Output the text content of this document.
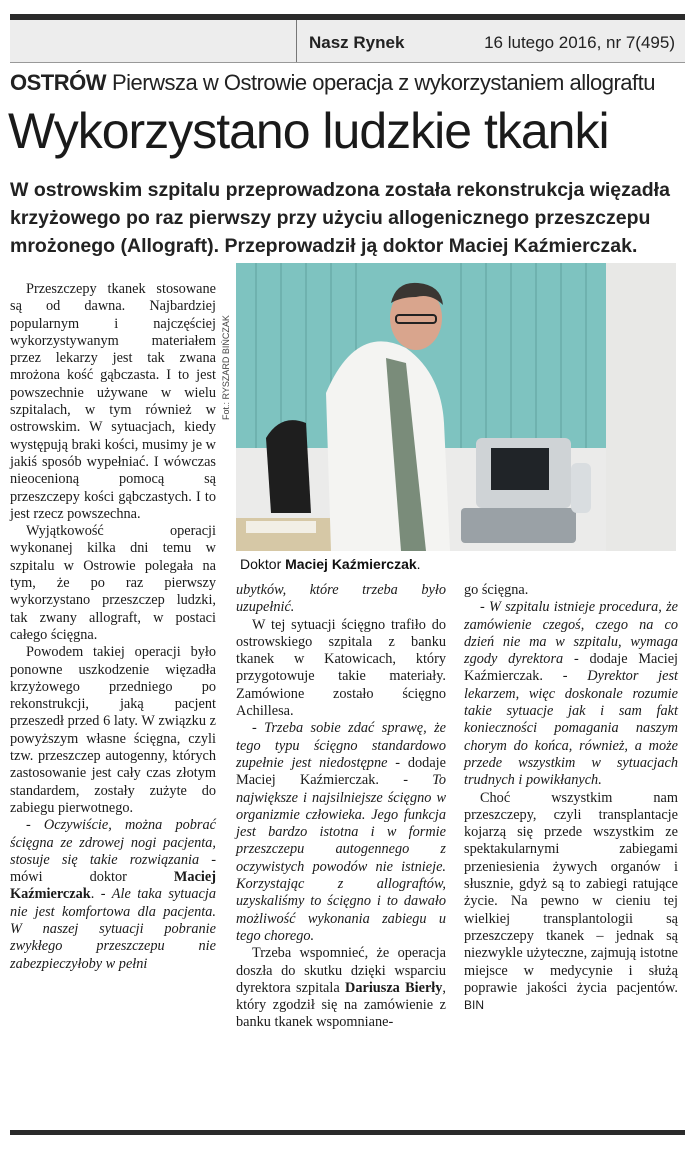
Nasz Rynek	16 lutego 2016, nr 7(495)
OSTRÓW Pierwsza w Ostrowie operacja z wykorzystaniem allograftu
Wykorzystano ludzkie tkanki
W ostrowskim szpitalu przeprowadzona została rekonstrukcja więzadła krzyżowego po raz pierwszy przy użyciu allogenicznego przeszczepu mrożonego (Allograft). Przeprowadził ją doktor Maciej Kaźmierczak.
Fot.: RYSZARD BIŃCZAK
Doktor Maciej Kaźmierczak.

Przeszczepy tkanek stosowane są od dawna. Najbardziej popularnym i najczęściej wykorzystywanym materiałem przez lekarzy jest tak zwana mrożona kość gąbczasta. I to jest powszechnie używane w wielu szpitalach, w tym również w ostrowskim. W sytuacjach, kiedy występują braki kości, musimy je w jakiś sposób wypełniać. I wówczas nieocenioną pomocą są przeszczepy kości gąbczastych. I to jest rzecz powszechna.

Wyjątkowość operacji wykonanej kilka dni temu w szpitalu w Ostrowie polegała na tym, że po raz pierwszy wykorzystano przeszczep ludzki, tak zwany allograft, w postaci całego ścięgna.

Powodem takiej operacji było ponowne uszkodzenie więzadła krzyżowego przedniego po rekonstrukcji, jaką pacjent przeszedł przed 6 laty. W związku z powyższym własne ścięgna, czyli tzw. przeszczep autogenny, których zastosowanie jest cały czas złotym standardem, zostały zużyte do zabiegu pierwotnego.

- Oczywiście, można pobrać ścięgna ze zdrowej nogi pacjenta, stosuje się takie rozwiązania - mówi doktor	Maciej Kaźmierczak. - Ale taka sytuacja nie jest komfortowa dla pacjenta. W naszej sytuacji pobranie zwykłego przeszczepu nie zabezpieczyłoby w pełni

ubytków, które trzeba było uzupełnić.

W tej sytuacji ścięgno trafiło do ostrowskiego szpitala z banku tkanek w Katowicach, który przygotowuje takie materiały. Zamówione zostało ścięgno Achillesa.

- Trzeba sobie zdać sprawę, że tego typu ścięgno standardowo zupełnie jest niedostępne - dodaje Maciej Kaźmierczak. - To największe i najsilniejsze ścięgno w organizmie człowieka. Jego funkcja jest bardzo istotna i w formie przeszczepu autogennego z oczywistych powodów nie istnieje. Korzystając z allograftów, uzyskaliśmy to ścięgno i to dawało możliwość wykonania zabiegu u tego chorego.

Trzeba wspomnieć, że operacja doszła do skutku dzięki wsparciu dyrektora szpitala Dariusza Bierły, który zgodził się na zamówienie z banku tkanek wspomniane-

go ścięgna.

- W szpitalu istnieje procedura, że zamówienie czegoś, czego na co dzień nie ma w szpitalu, wymaga zgody dyrektora - dodaje Maciej Kaźmierczak. - Dyrektor jest lekarzem, więc doskonale rozumie takie sytuacje jak i sam fakt konieczności pomagania naszym chorym do końca, również, a może przede wszystkim w sytuacjach trudnych i powikłanych.

Choć wszystkim nam przeszczepy, czyli transplantacje kojarzą się przede wszystkim ze spektakularnymi zabiegami przeniesienia żywych organów i słusznie, gdyż są to zabiegi ratujące życie. Na pewno w cieniu tej wielkiej transplantologii są przeszczepy tkanek – jednak są niezwykle użyteczne, zajmują istotne miejsce w medycynie i służą poprawie jakości życia pacjentów. BIN
